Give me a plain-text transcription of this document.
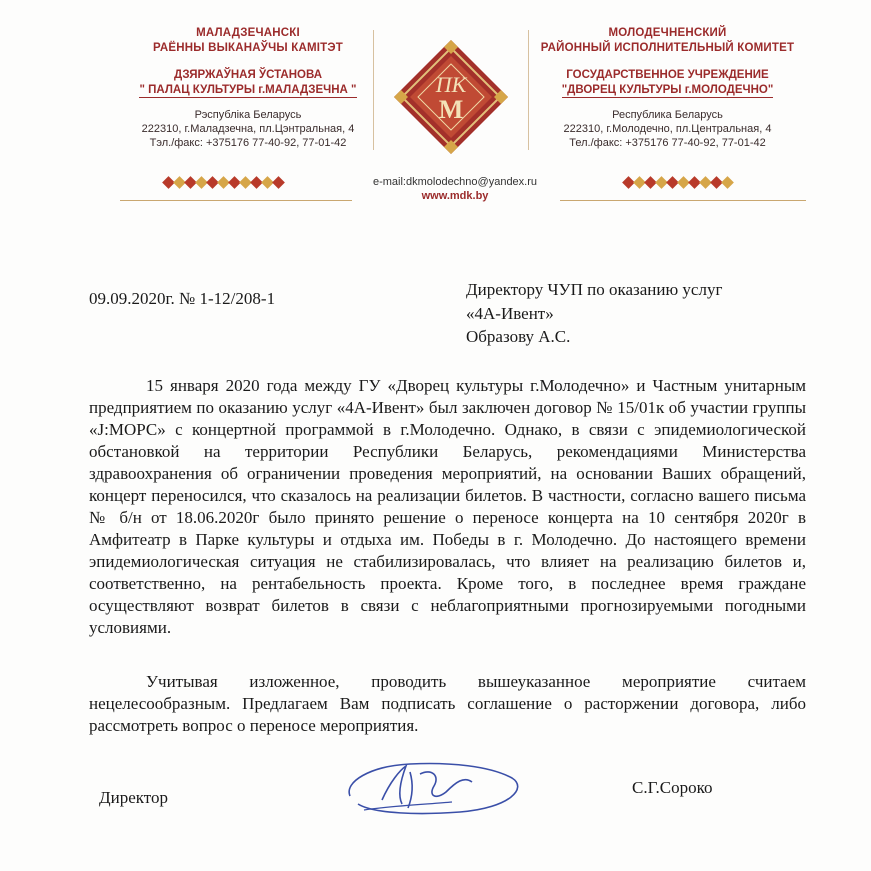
МАЛАДЗЕЧАНСКІ
РАЁННЫ ВЫКАНАЎЧЫ КАМІТЭТ
ДЗЯРЖАЎНАЯ ЎСТАНОВА
" ПАЛАЦ КУЛЬТУРЫ г.МАЛАДЗЕЧНА "
Рэспубліка Беларусь
222310, г.Маладзечна, пл.Цэнтральная, 4
Тэл./факс: +375176 77-40-92, 77-01-42
МОЛОДЕЧНЕНСКИЙ
РАЙОННЫЙ ИСПОЛНИТЕЛЬНЫЙ КОМИТЕТ
ГОСУДАРСТВЕННОЕ УЧРЕЖДЕНИЕ
"ДВОРЕЦ КУЛЬТУРЫ г.МОЛОДЕЧНО"
Республика Беларусь
222310, г.Молодечно, пл.Центральная, 4
Тел./факс: +375176 77-40-92, 77-01-42
ПК
М
e-mail:dkmolodechno@yandex.ru
www.mdk.by
09.09.2020г. № 1-12/208-1	Директору ЧУП по оказанию услуг
«4А-Ивент»
Образову А.С.

15 января 2020 года между ГУ «Дворец культуры г.Молодечно» и Частным унитарным предприятием по оказанию услуг «4А-Ивент» был заключен договор № 15/01к об участии группы «J:МОРС» с концертной программой в г.Молодечно. Однако, в связи с эпидемиологической обстановкой на территории Республики Беларусь, рекомендациями Министерства здравоохранения об ограничении проведения мероприятий, на основании Ваших обращений, концерт переносился, что сказалось на реализации билетов. В частности, согласно вашего письма № б/н от 18.06.2020г было принято решение о переносе концерта на 10 сентября 2020г в Амфитеатр в Парке культуры и отдыха им. Победы в г. Молодечно. До настоящего времени эпидемиологическая ситуация не стабилизировалась, что влияет на реализацию билетов и, соответственно, на рентабельность проекта. Кроме того, в последнее время граждане осуществляют возврат билетов в связи с неблагоприятными прогнозируемыми погодными условиями.

Учитывая изложенное, проводить вышеуказанное мероприятие считаем нецелесообразным. Предлагаем Вам подписать соглашение о расторжении договора, либо рассмотреть вопрос о переносе мероприятия.

Директор
С.Г.Сороко
